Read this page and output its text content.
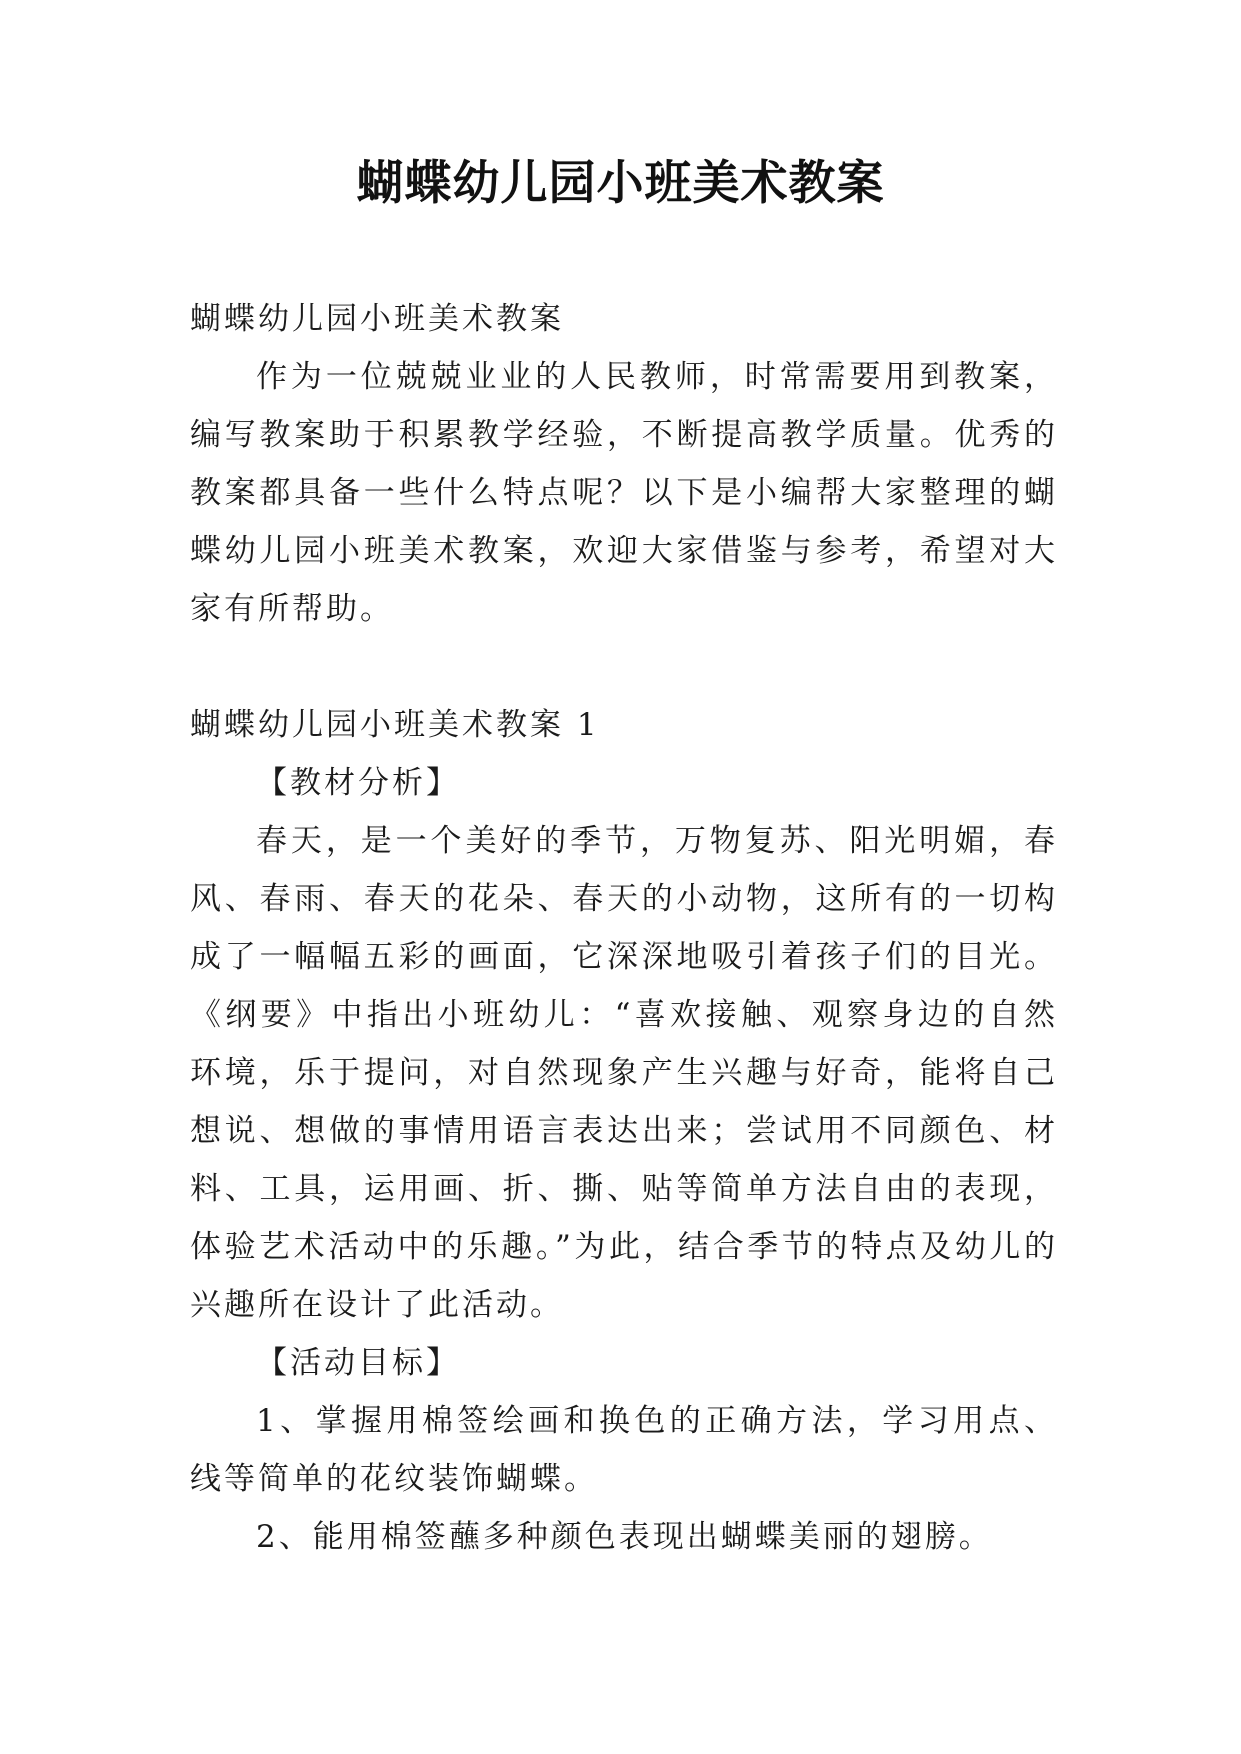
蝴蝶幼儿园小班美术教案

蝴蝶幼儿园小班美术教案

作为一位兢兢业业的人民教师，时常需要用到教案，编写教案助于积累教学经验，不断提高教学质量。优秀的教案都具备一些什么特点呢？以下是小编帮大家整理的蝴蝶幼儿园小班美术教案，欢迎大家借鉴与参考，希望对大家有所帮助。

蝴蝶幼儿园小班美术教案 1

【教材分析】

春天，是一个美好的季节，万物复苏、阳光明媚，春风、春雨、春天的花朵、春天的小动物，这所有的一切构成了一幅幅五彩的画面，它深深地吸引着孩子们的目光。《纲要》中指出小班幼儿：“喜欢接触、观察身边的自然环境，乐于提问，对自然现象产生兴趣与好奇，能将自己想说、想做的事情用语言表达出来；尝试用不同颜色、材料、工具，运用画、折、撕、贴等简单方法自由的表现，体验艺术活动中的乐趣。”为此，结合季节的特点及幼儿的兴趣所在设计了此活动。

【活动目标】

1、掌握用棉签绘画和换色的正确方法，学习用点、线等简单的花纹装饰蝴蝶。

2、能用棉签蘸多种颜色表现出蝴蝶美丽的翅膀。
